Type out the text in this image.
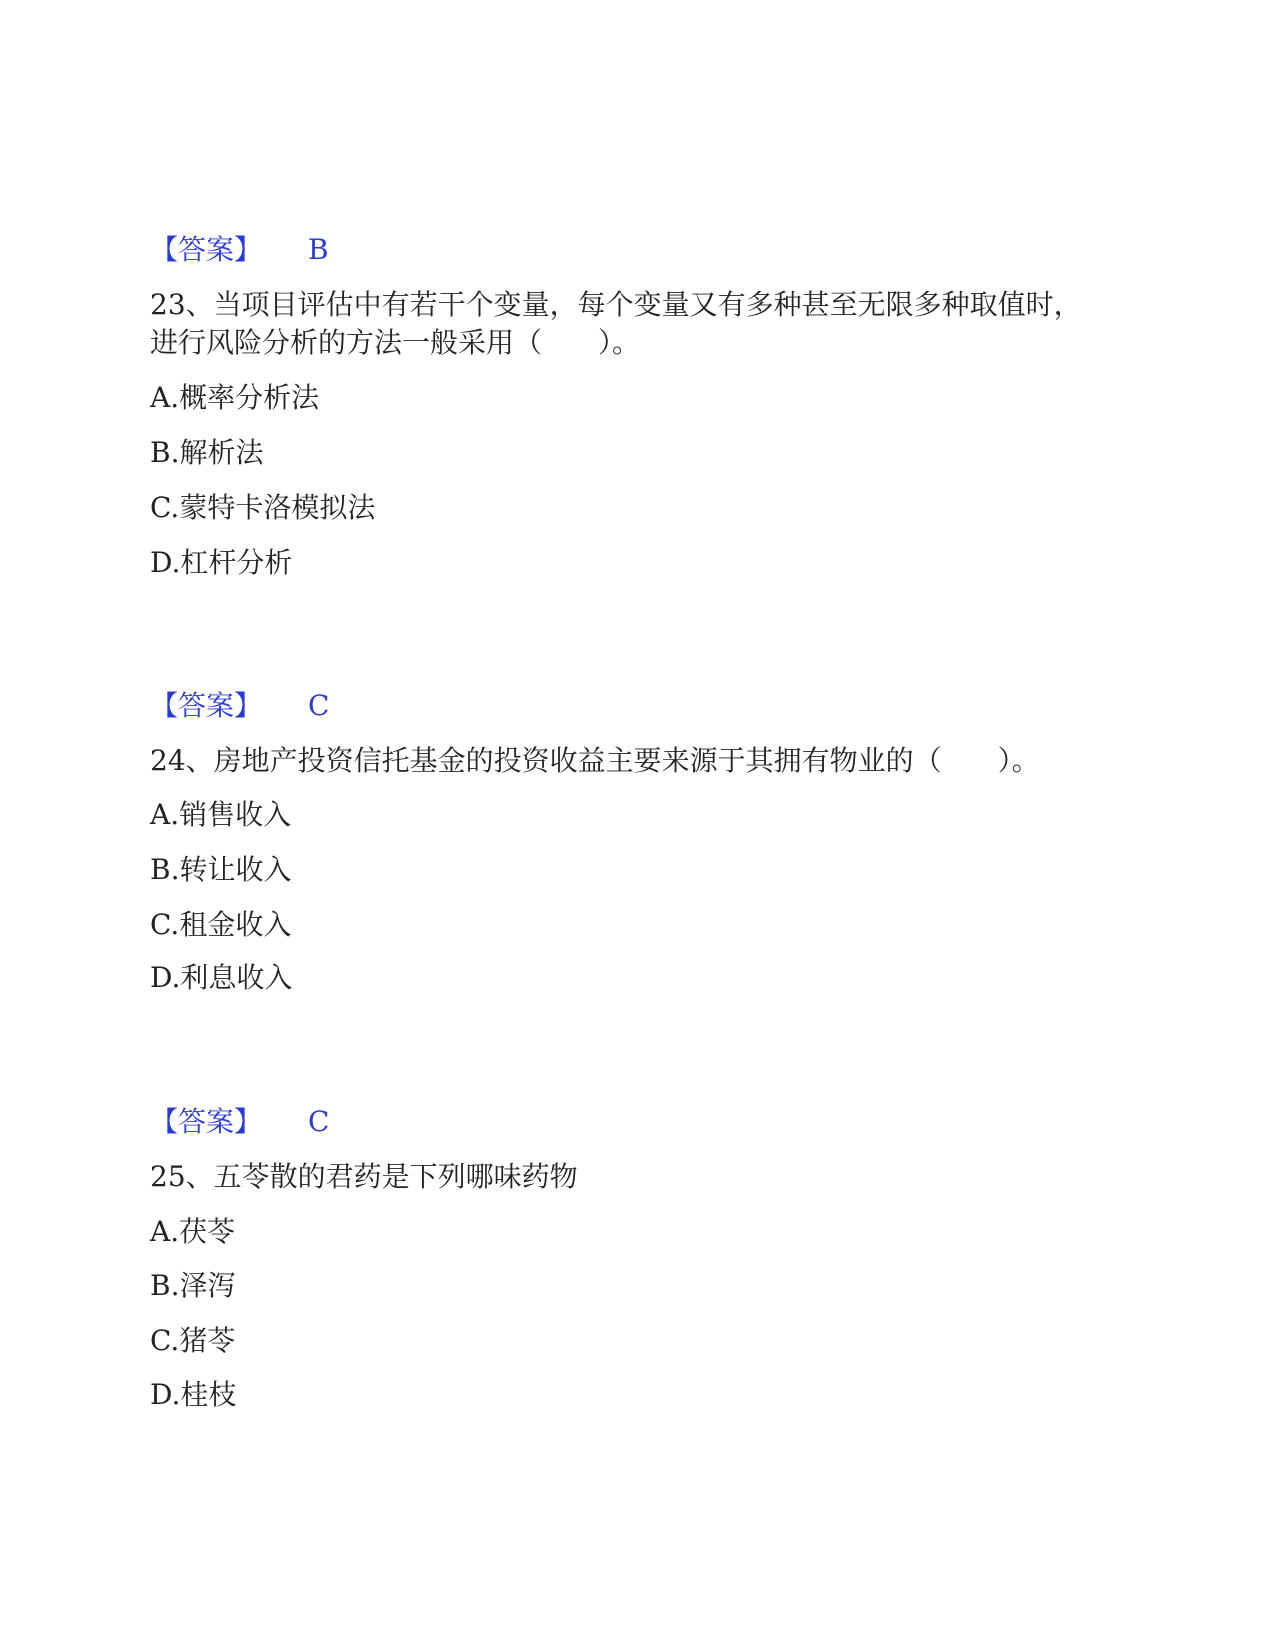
【答案】 B
23、当项目评估中有若干个变量，每个变量又有多种甚至无限多种取值时，
进行风险分析的方法一般采用（　　）。
A.概率分析法
B.解析法
C.蒙特卡洛模拟法
D.杠杆分析
【答案】 C
24、房地产投资信托基金的投资收益主要来源于其拥有物业的（　　）。
A.销售收入
B.转让收入
C.租金收入
D.利息收入
【答案】 C
25、五苓散的君药是下列哪味药物
A.茯苓
B.泽泻
C.猪苓
D.桂枝
